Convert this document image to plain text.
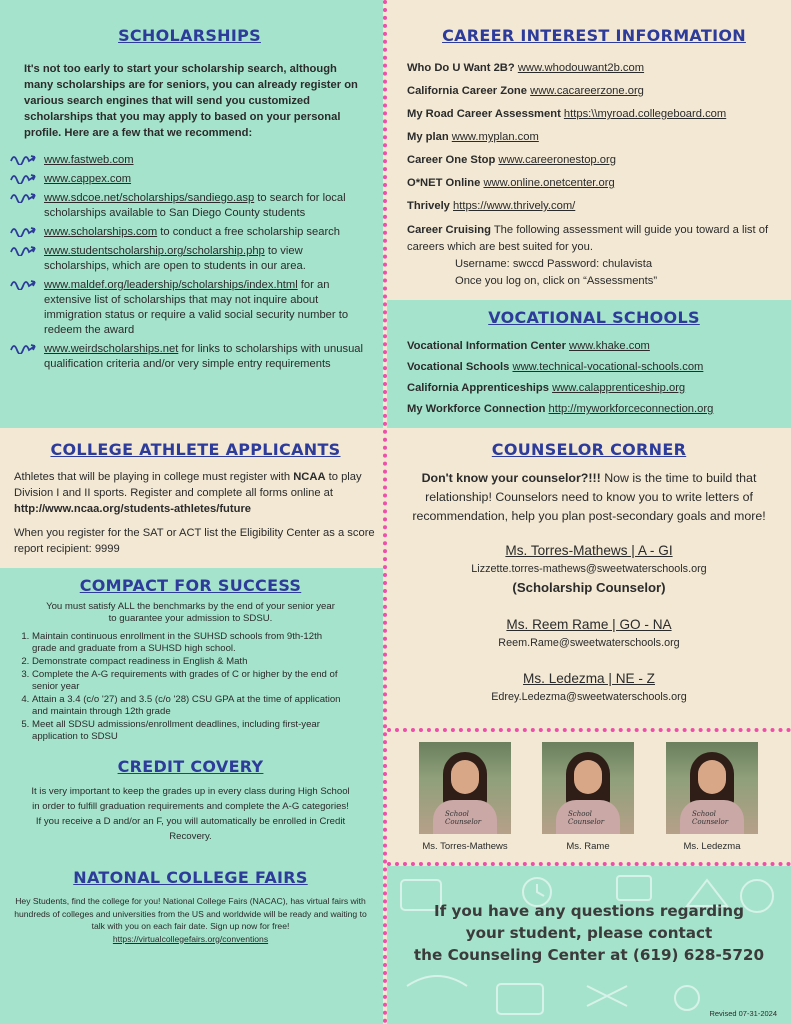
SCHOLARSHIPS
It's not too early to start your scholarship search, although many scholarships are for seniors, you can already register on various search engines that will send you customized scholarships that you may apply to based on your personal profile. Here are a few that we recommend:
www.fastweb.com
www.cappex.com
www.sdcoe.net/scholarships/sandiego.asp to search for local scholarships available to San Diego County students
www.scholarships.com to conduct a free scholarship search
www.studentscholarship.org/scholarship.php to view scholarships, which are open to students in our area.
www.maldef.org/leadership/scholarships/index.html for an extensive list of scholarships that may not inquire about immigration status or require a valid social security number to redeem the award
www.weirdscholarships.net for links to scholarships with unusual qualification criteria and/or very simple entry requirements
COLLEGE ATHLETE APPLICANTS
Athletes that will be playing in college must register with NCAA to play Division I and II sports. Register and complete all forms online at http://www.ncaa.org/students-athletes/future
When you register for the SAT or ACT list the Eligibility Center as a score report recipient: 9999
COMPACT FOR SUCCESS
You must satisfy ALL the benchmarks by the end of your senior year
to guarantee your admission to SDSU.
1. Maintain continuous enrollment in the SUHSD schools from 9th-12th grade and graduate from a SUHSD high school.
2. Demonstrate compact readiness in English & Math
3. Complete the A-G requirements with grades of C or higher by the end of senior year
4. Attain a 3.4 (c/o '27) and 3.5 (c/o '28) CSU GPA at the time of application and maintain through 12th grade
5. Meet all SDSU admissions/enrollment deadlines, including first-year application to SDSU
CREDIT COVERY
It is very important to keep the grades up in every class during High School in order to fulfill graduation requirements and complete the A-G categories! If you receive a D and/or an F, you will automatically be enrolled in Credit Recovery.
NATONAL COLLEGE FAIRS
Hey Students, find the college for you! National College Fairs (NACAC), has virtual fairs with hundreds of colleges and universities from the US and worldwide will be ready and waiting to talk with you on each fair date. Sign up now for free!
https://virtualcollegefairs.org/conventions
CAREER INTEREST INFORMATION
Who Do U Want 2B? www.whodouwant2b.com
California Career Zone www.cacareerzone.org
My Road Career Assessment https:\\myroad.collegeboard.com
My plan www.myplan.com
Career One Stop www.careeronestop.org
O*NET Online www.online.onetcenter.org
Thrively https://www.thrively.com/
Career Cruising The following assessment will guide you toward a list of careers which are best suited for you.
Username: swccd Password: chulavista
Once you log on, click on “Assessments”
VOCATIONAL SCHOOLS
Vocational Information Center www.khake.com
Vocational Schools www.technical-vocational-schools.com
California Apprenticeships www.calapprenticeship.org
My Workforce Connection http://myworkforceconnection.org
COUNSELOR CORNER
Don't know your counselor?!!! Now is the time to build that relationship! Counselors need to know you to write letters of recommendation, help you plan post-secondary goals and more!
Ms. Torres-Mathews | A - GI
Lizzette.torres-mathews@sweetwaterschools.org
(Scholarship Counselor)
Ms. Reem Rame | GO - NA
Reem.Rame@sweetwaterschools.org
Ms. Ledezma | NE - Z
Edrey.Ledezma@sweetwaterschools.org
School Counselor
School Counselor
School Counselor
Ms. Torres-Mathews	Ms. Rame	Ms. Ledezma
If you have any questions regarding
your student, please contact
the Counseling Center at (619) 628-5720
Revised 07-31-2024
